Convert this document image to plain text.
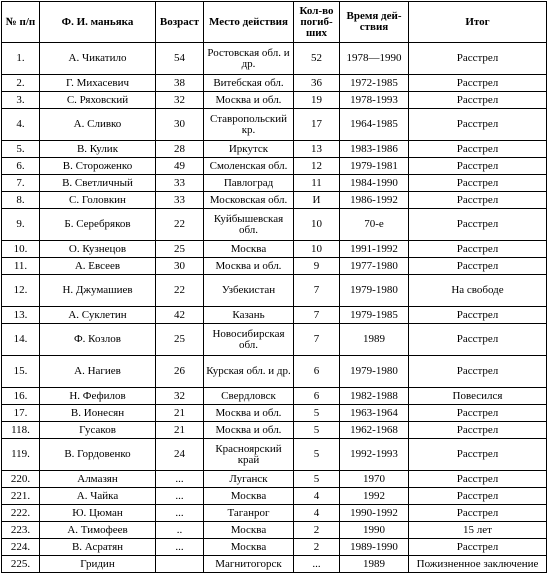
№ п/п	Ф. И. маньяка	Возраст	Место действия	Кол-во погиб-ших	Время дей-ствия	Итог
1.	А. Чикатило	54	Ростовская обл. и др.	52	1978—1990	Расстрел
2.	Г. Михасевич	38	Витебская обл.	36	1972-1985	Расстрел
3.	С. Ряховский	32	Москва и обл.	19	1978-1993	Расстрел
4.	А. Сливко	30	Ставропольский кр.	17	1964-1985	Расстрел
5.	В. Кулик	28	Иркутск	13	1983-1986	Расстрел
6.	В. Стороженко	49	Смоленская обл.	12	1979-1981	Расстрел
7.	В. Светличный	33	Павлоград	11	1984-1990	Расстрел
8.	С. Головкин	33	Московская обл.	И	1986-1992	Расстрел
9.	Б. Серебряков	22	Куйбышевская обл.	10	70-е	Расстрел
10.	О. Кузнецов	25	Москва	10	1991-1992	Расстрел
11.	А. Евсеев	30	Москва и обл.	9	1977-1980	Расстрел
12.	Н. Джумашиев	22	Узбекистан	7	1979-1980	На свободе
13.	А. Суклетин	42	Казань	7	1979-1985	Расстрел
14.	Ф. Козлов	25	Новосибирская обл.	7	1989	Расстрел
15.	А. Нагиев	26	Курская обл. и др.	6	1979-1980	Расстрел
16.	Н. Фефилов	32	Свердловск	6	1982-1988	Повесился
17.	В. Ионесян	21	Москва и обл.	5	1963-1964	Расстрел
118.	Гусаков	21	Москва и обл.	5	1962-1968	Расстрел
119.	В. Гордовенко	24	Красноярский край	5	1992-1993	Расстрел
220.	Алмазян	...	Луганск	5	1970	Расстрел
221.	А. Чайка	...	Москва	4	1992	Расстрел
222.	Ю. Цюман	...	Таганрог	4	1990-1992	Расстрел
223.	А. Тимофеев	..	Москва	2	1990	15 лет
224.	В. Асратян	...	Москва	2	1989-1990	Расстрел
225.	Гридин		Магнитогорск	...	1989	Пожизненное заключение
